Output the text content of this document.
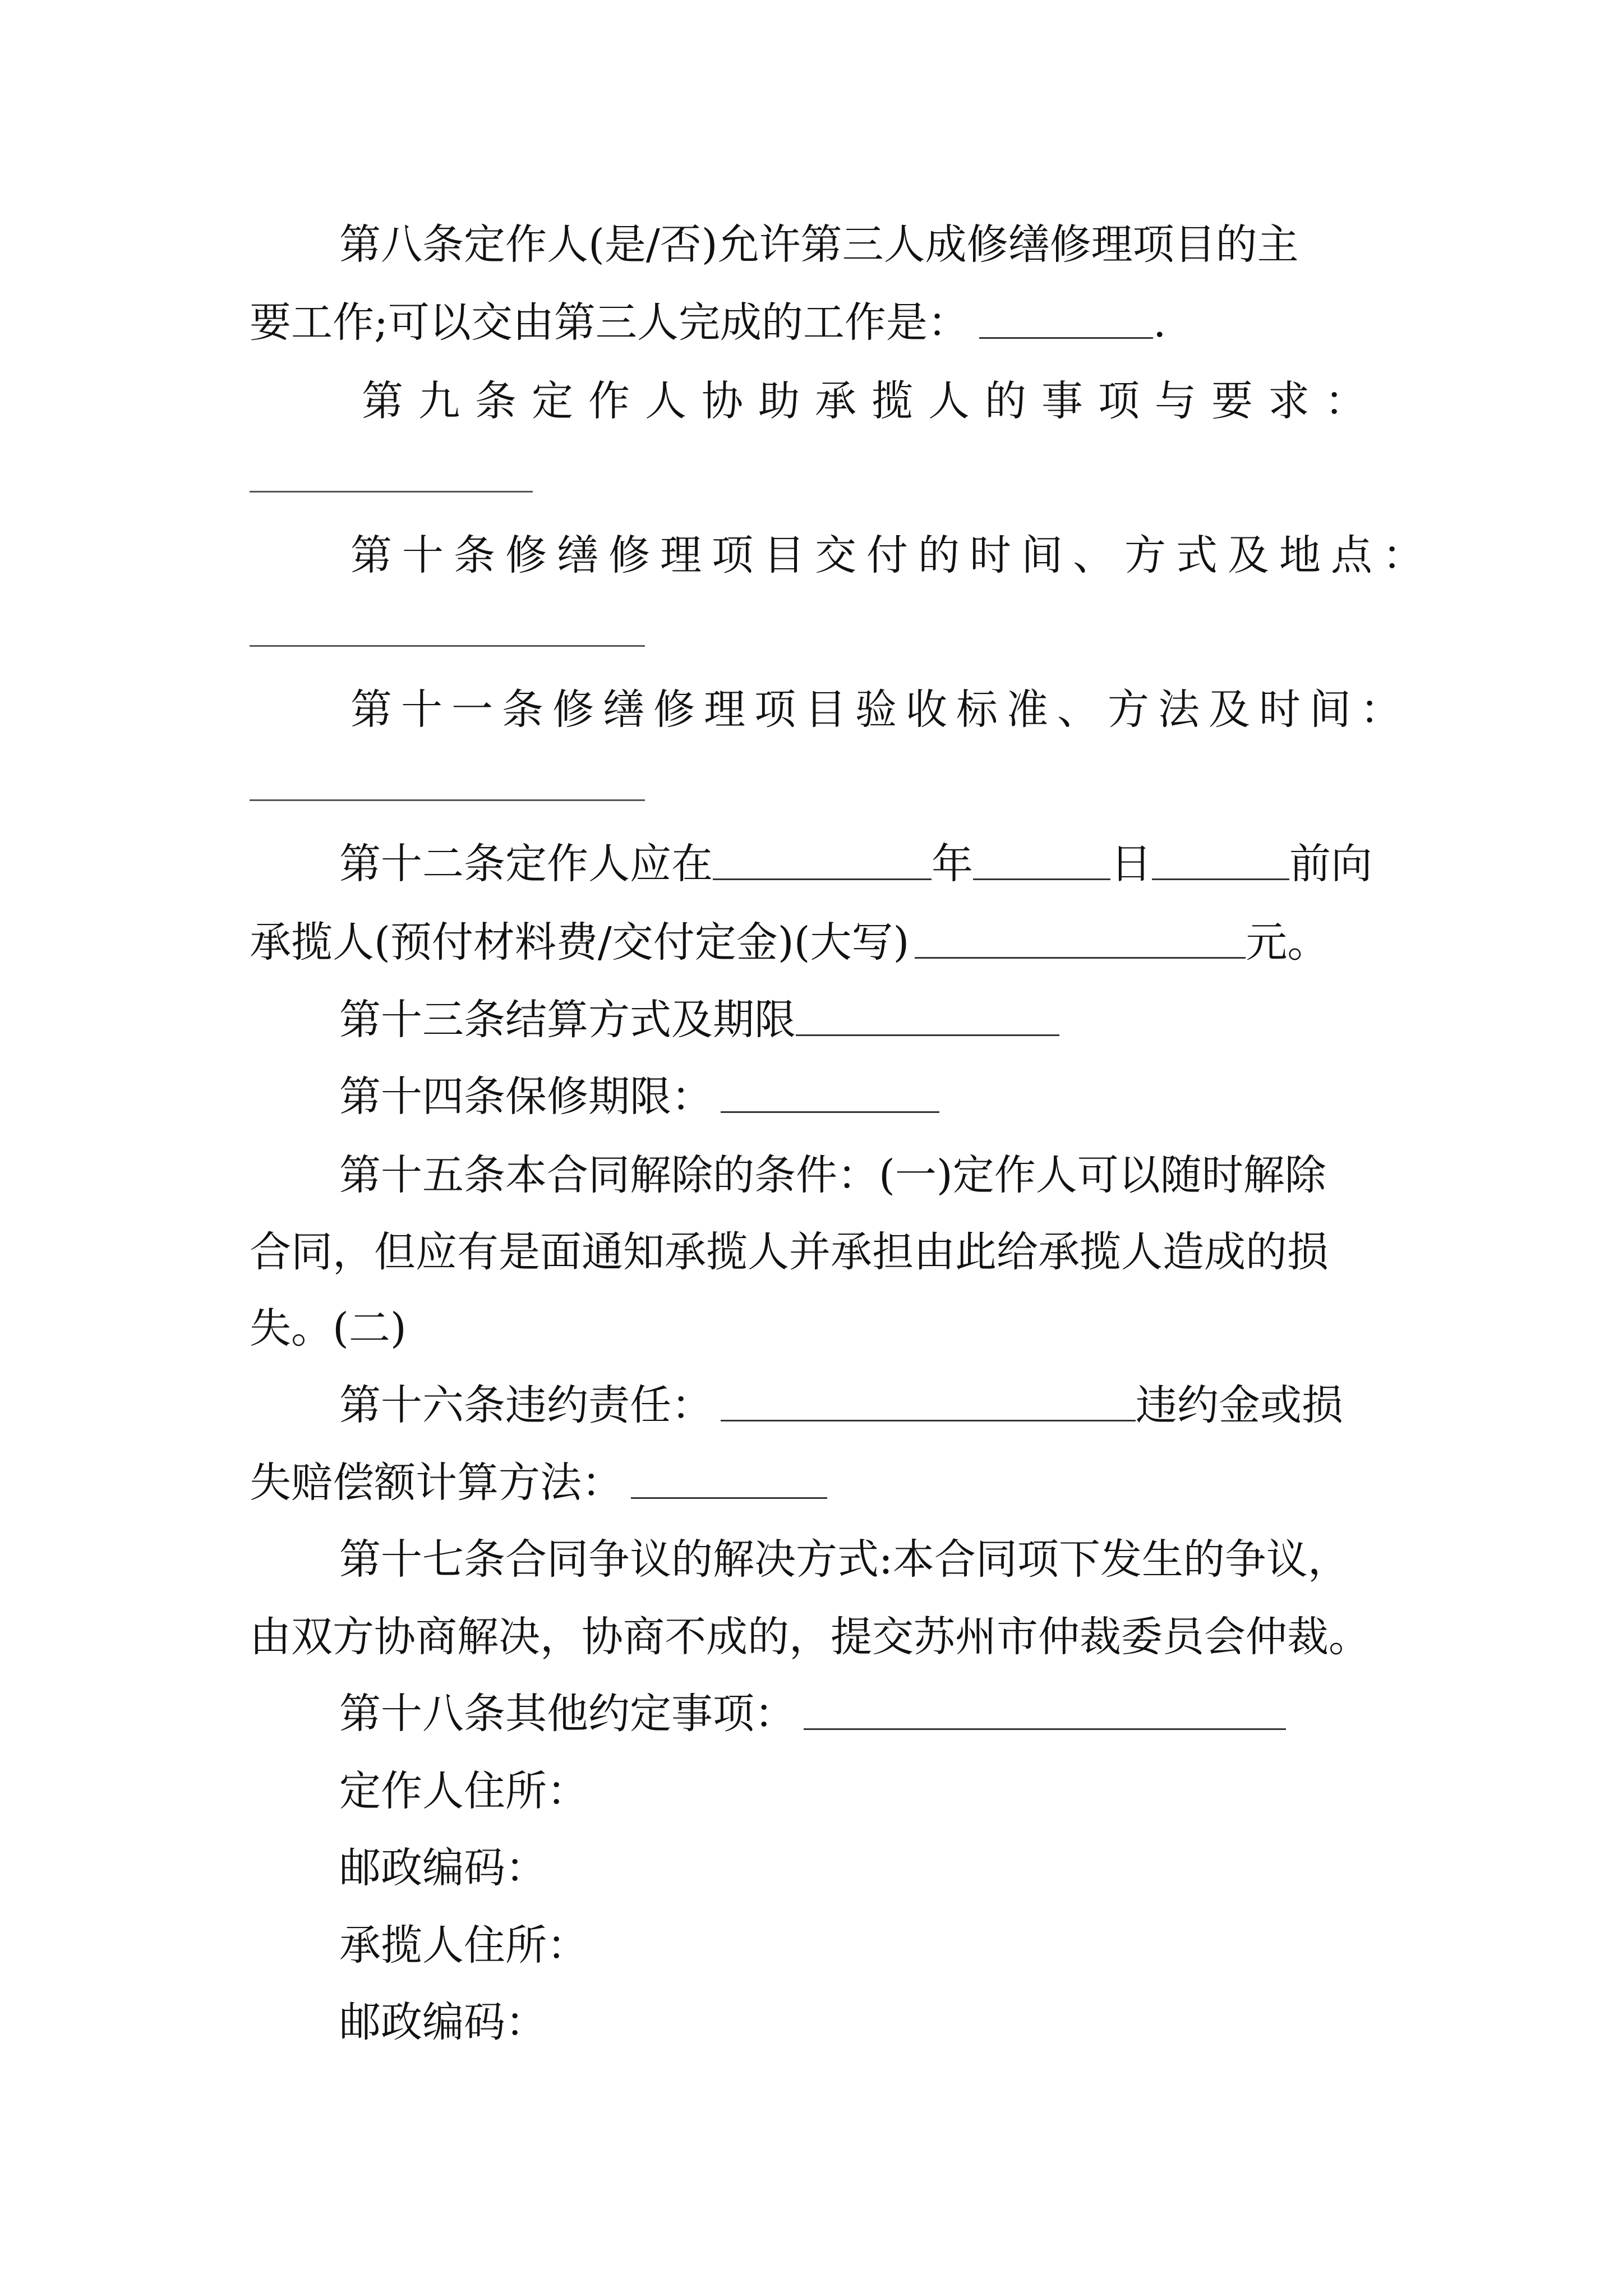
第八条定作人(是/否)允许第三人成修缮修理项目的主
要工作;可以交由第三人完成的工作是：	.
第九条定作人协助承揽人的事项与要求：
第十条修缮修理项目交付的时间、方式及地点：
第十一条修缮修理项目验收标准、方法及时间：
第十二条定作人应在	年	日	前向
承揽人(预付材料费/交付定金)(大写)	元。
第十三条结算方式及期限
第十四条保修期限：
第十五条本合同解除的条件：(一)定作人可以随时解除
合同，但应有是面通知承揽人并承担由此给承揽人造成的损
失。(二)
第十六条违约责任：	违约金或损
失赔偿额计算方法：
第十七条合同争议的解决方式:本合同项下发生的争议，
由双方协商解决，协商不成的，提交苏州市仲裁委员会仲裁。
第十八条其他约定事项：
定作人住所：
邮政编码：
承揽人住所：
邮政编码：
